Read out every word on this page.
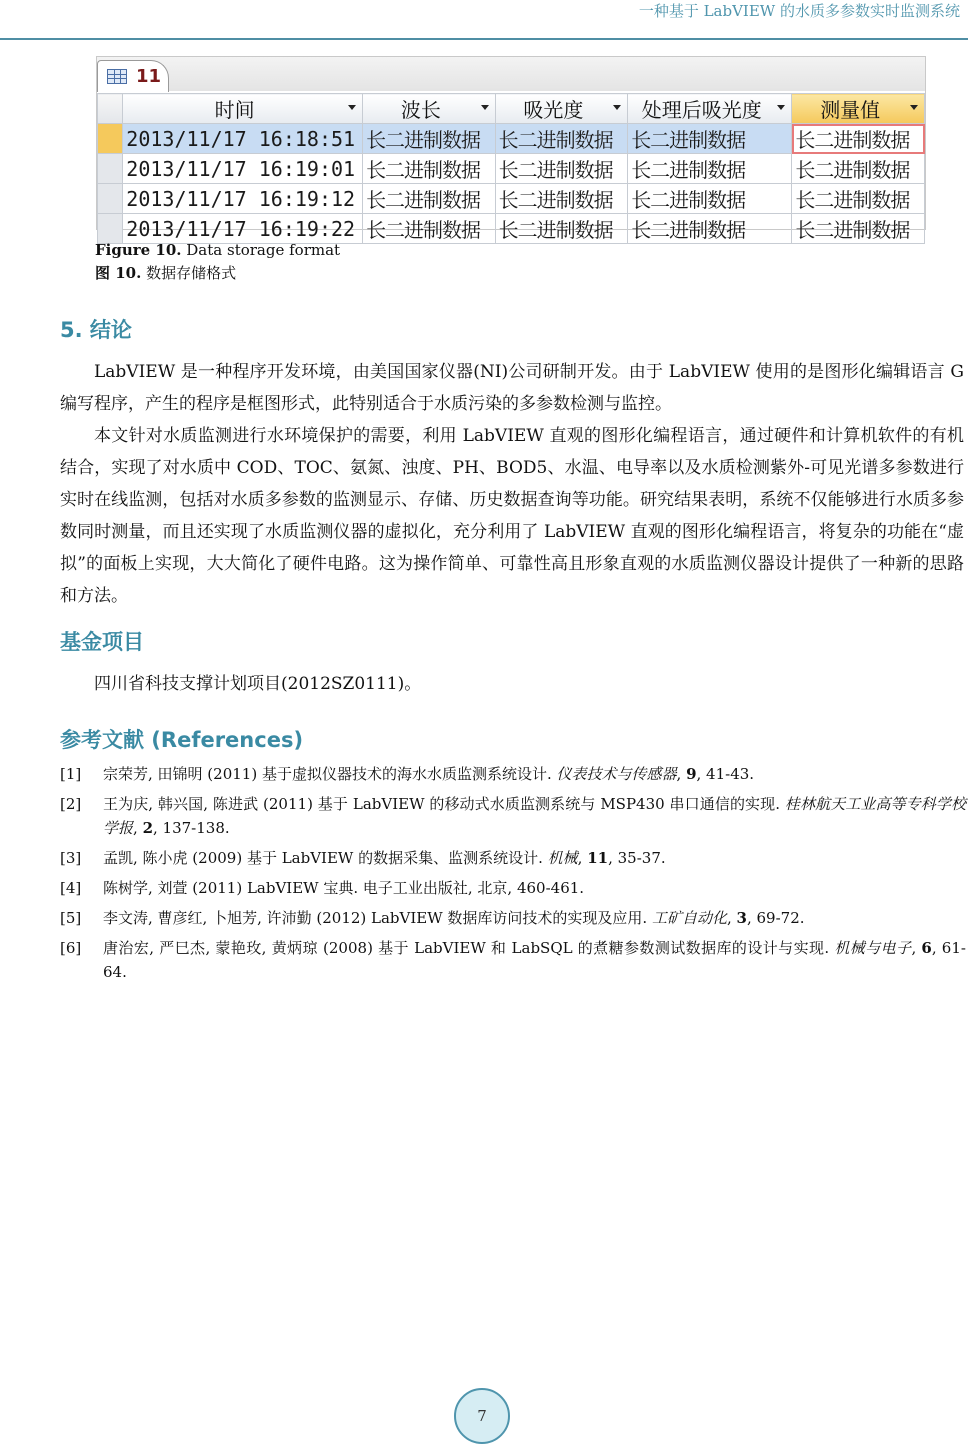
一种基于 LabVIEW 的水质多参数实时监测系统
11

	时间	波长	吸光度	处理后吸光度	测量值

	2013/11/17 16:18:51	长二进制数据	长二进制数据	长二进制数据	长二进制数据
	2013/11/17 16:19:01	长二进制数据	长二进制数据	长二进制数据	长二进制数据
	2013/11/17 16:19:12	长二进制数据	长二进制数据	长二进制数据	长二进制数据
	2013/11/17 16:19:22	长二进制数据	长二进制数据	长二进制数据	长二进制数据
Figure 10. Data storage format
图 10. 数据存储格式
5. 结论

LabVIEW 是一种程序开发环境，由美国国家仪器(NI)公司研制开发。由于 LabVIEW 使用的是图形化编辑语言 G 编写程序，产生的程序是框图形式，此特别适合于水质污染的多参数检测与监控。

本文针对水质监测进行水环境保护的需要，利用 LabVIEW 直观的图形化编程语言，通过硬件和计算机软件的有机结合，实现了对水质中 COD、TOC、氨氮、浊度、PH、BOD5、水温、电导率以及水质检测紫外-可见光谱多参数进行实时在线监测，包括对水质多参数的监测显示、存储、历史数据查询等功能。研究结果表明，系统不仅能够进行水质多参数同时测量，而且还实现了水质监测仪器的虚拟化，充分利用了 LabVIEW 直观的图形化编程语言，将复杂的功能在“虚拟”的面板上实现，大大简化了硬件电路。这为操作简单、可靠性高且形象直观的水质监测仪器设计提供了一种新的思路和方法。

基金项目

四川省科技支撑计划项目(2012SZ0111)。

参考文献 (References)
[1] 宗荣芳, 田锦明 (2011) 基于虚拟仪器技术的海水水质监测系统设计. 仪表技术与传感器, 9, 41-43.
[2] 王为庆, 韩兴国, 陈进武 (2011) 基于 LabVIEW 的移动式水质监测系统与 MSP430 串口通信的实现. 桂林航天工业高等专科学校学报, 2, 137-138.
[3] 孟凯, 陈小虎 (2009) 基于 LabVIEW 的数据采集、监测系统设计. 机械, 11, 35-37.
[4] 陈树学, 刘萱 (2011) LabVIEW 宝典. 电子工业出版社, 北京, 460-461.
[5] 李文涛, 曹彦红, 卜旭芳, 许沛勤 (2012) LabVIEW 数据库访问技术的实现及应用. 工矿自动化, 3, 69-72.
[6] 唐治宏, 严巳杰, 蒙艳玫, 黄炳琼 (2008) 基于 LabVIEW 和 LabSQL 的煮糖参数测试数据库的设计与实现. 机械与电子, 6, 61-64.
7
